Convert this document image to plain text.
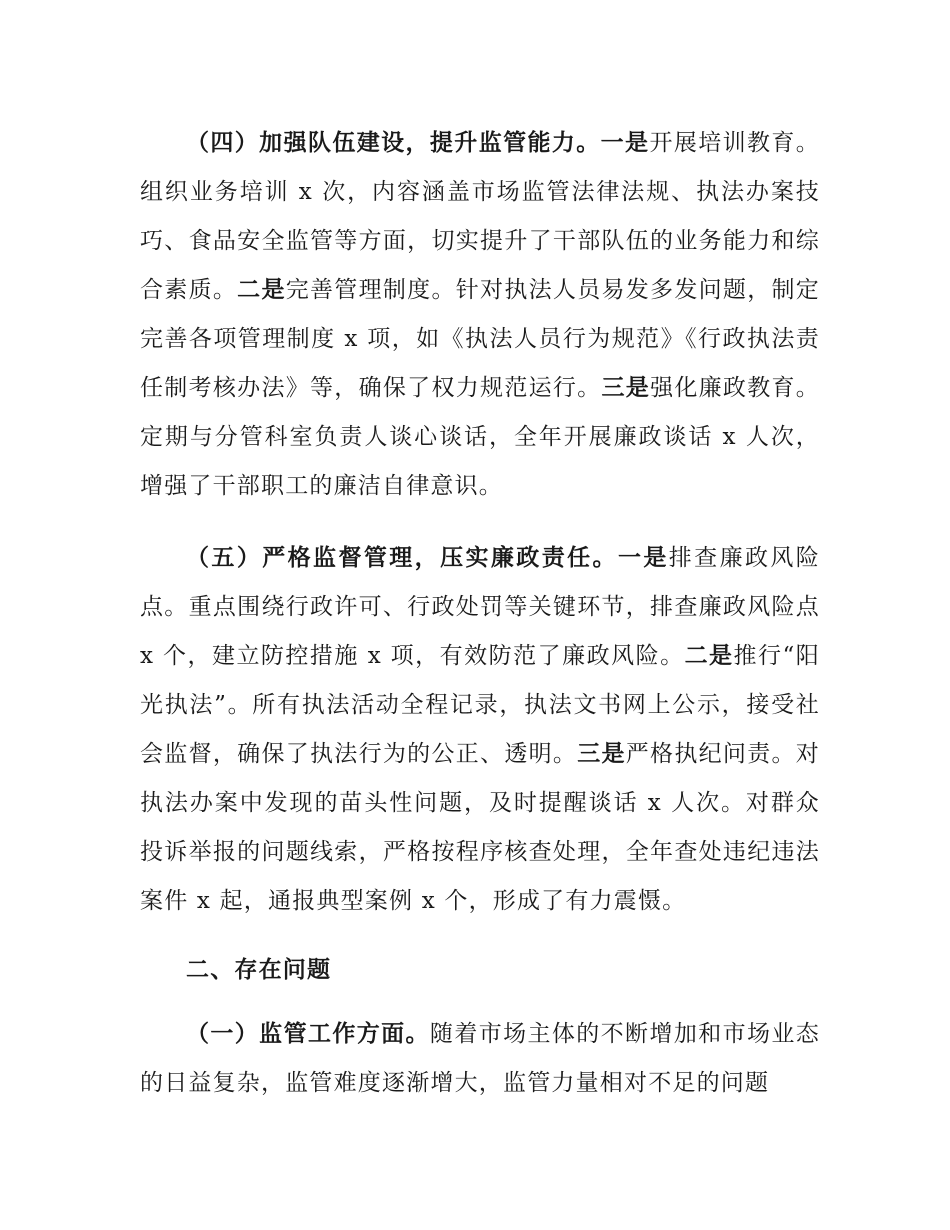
（四）加强队伍建设，提升监管能力。一是开展培训教育。组织业务培训 x 次，内容涵盖市场监管法律法规、执法办案技巧、食品安全监管等方面，切实提升了干部队伍的业务能力和综合素质。二是完善管理制度。针对执法人员易发多发问题，制定完善各项管理制度 x 项，如《执法人员行为规范》《行政执法责任制考核办法》等，确保了权力规范运行。三是强化廉政教育。定期与分管科室负责人谈心谈话，全年开展廉政谈话 x 人次，增强了干部职工的廉洁自律意识。

（五）严格监督管理，压实廉政责任。一是排查廉政风险点。重点围绕行政许可、行政处罚等关键环节，排查廉政风险点 x 个，建立防控措施 x 项，有效防范了廉政风险。二是推行“阳光执法”。所有执法活动全程记录，执法文书网上公示，接受社会监督，确保了执法行为的公正、透明。三是严格执纪问责。对执法办案中发现的苗头性问题，及时提醒谈话 x 人次。对群众投诉举报的问题线索，严格按程序核查处理，全年查处违纪违法案件 x 起，通报典型案例 x 个，形成了有力震慑。

二、存在问题

（一）监管工作方面。随着市场主体的不断增加和市场业态的日益复杂，监管难度逐渐增大，监管力量相对不足的问题
